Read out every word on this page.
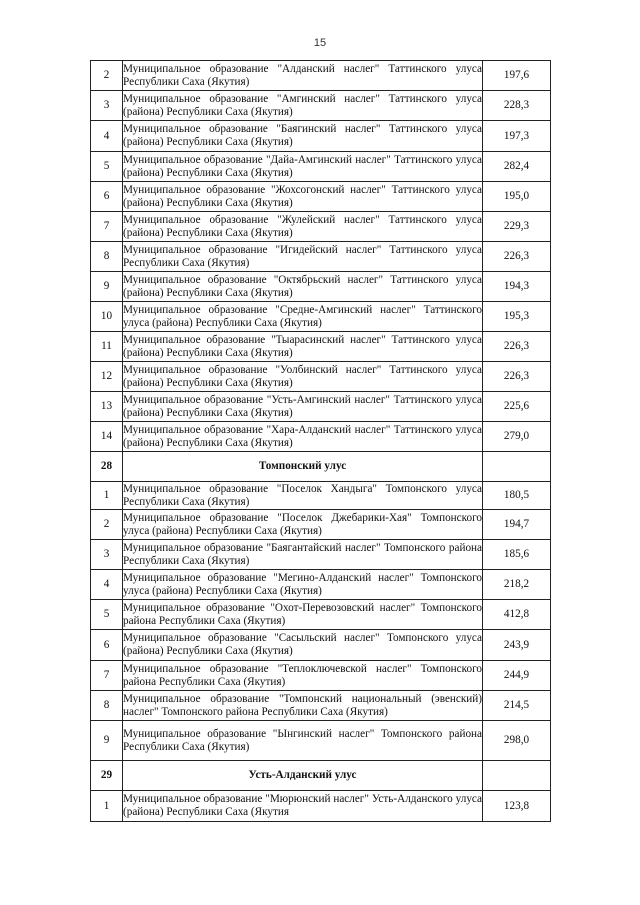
15
2	Муниципальное образование "Алданский наслег" Таттинского улуса Республики Саха (Якутия)	197,6
3	Муниципальное образование "Амгинский наслег" Таттинского улуса (района) Республики Саха (Якутия)	228,3
4	Муниципальное образование "Баягинский наслег" Таттинского улуса (района) Республики Саха (Якутия)	197,3
5	Муниципальное образование "Дайа-Амгинский наслег" Таттинского улуса (района) Республики Саха (Якутия)	282,4
6	Муниципальное образование "Жохсогонский наслег" Таттинского улуса (района) Республики Саха (Якутия)	195,0
7	Муниципальное образование "Жулейский наслег" Таттинского улуса (района) Республики Саха (Якутия)	229,3
8	Муниципальное образование "Игидейский наслег" Таттинского улуса Республики Саха (Якутия)	226,3
9	Муниципальное образование "Октябрьский наслег" Таттинского улуса (района) Республики Саха (Якутия)	194,3
10	Муниципальное образование "Средне-Амгинский наслег" Таттинского улуса (района) Республики Саха (Якутия)	195,3
11	Муниципальное образование "Тыарасинский наслег" Таттинского улуса (района) Республики Саха (Якутия)	226,3
12	Муниципальное образование "Уолбинский наслег" Таттинского улуса (района) Республики Саха (Якутия)	226,3
13	Муниципальное образование "Усть-Амгинский наслег" Таттинского улуса (района) Республики Саха (Якутия)	225,6
14	Муниципальное образование "Хара-Алданский наслег" Таттинского улуса (района) Республики Саха (Якутия)	279,0
28	Томпонский улус	
1	Муниципальное образование "Поселок Хандыга" Томпонского улуса Республики Саха (Якутия)	180,5
2	Муниципальное образование "Поселок Джебарики-Хая" Томпонского улуса (района) Республики Саха (Якутия)	194,7
3	Муниципальное образование "Баягантайский наслег" Томпонского района Республики Саха (Якутия)	185,6
4	Муниципальное образование "Мегино-Алданский наслег" Томпонского улуса (района) Республики Саха (Якутия)	218,2
5	Муниципальное образование "Охот-Перевозовский наслег" Томпонского района Республики Саха (Якутия)	412,8
6	Муниципальное образование "Сасыльский наслег" Томпонского улуса (района) Республики Саха (Якутия)	243,9
7	Муниципальное образование "Теплоключевской наслег" Томпонского района Республики Саха (Якутия)	244,9
8	Муниципальное образование "Томпонский национальный (эвенский) наслег" Томпонского района Республики Саха (Якутия)	214,5
9	Муниципальное образование "Ынгинский наслег" Томпонского района Республики Саха (Якутия)	298,0
29	Усть-Алданский улус	
1	Муниципальное образование "Мюрюнский наслег" Усть-Алданского улуса (района) Республики Саха (Якутия	123,8
